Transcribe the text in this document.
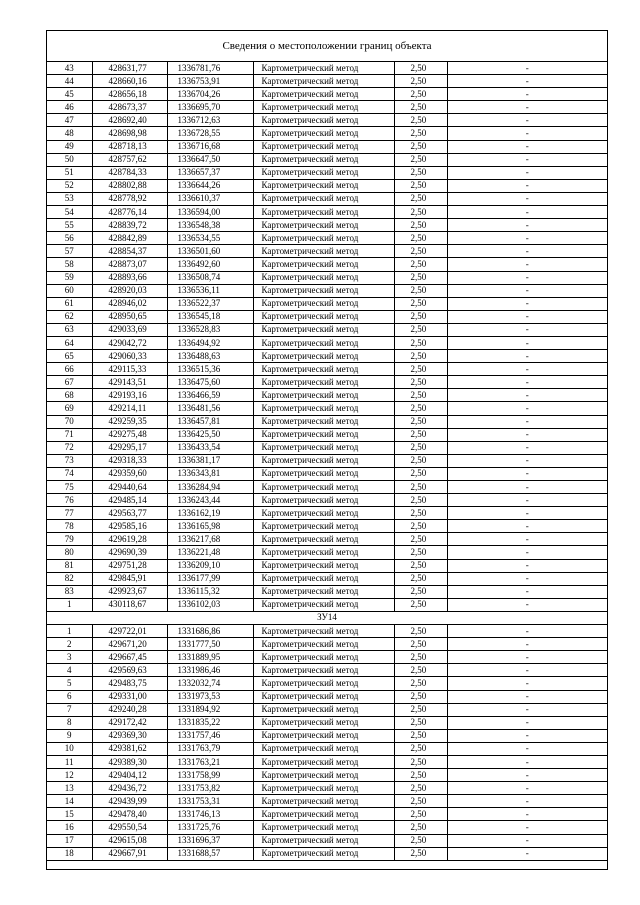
Сведения о местоположении границ объекта
43	428631,77	1336781,76	Картометрический метод	2,50	-
44	428660,16	1336753,91	Картометрический метод	2,50	-
45	428656,18	1336704,26	Картометрический метод	2,50	-
46	428673,37	1336695,70	Картометрический метод	2,50	-
47	428692,40	1336712,63	Картометрический метод	2,50	-
48	428698,98	1336728,55	Картометрический метод	2,50	-
49	428718,13	1336716,68	Картометрический метод	2,50	-
50	428757,62	1336647,50	Картометрический метод	2,50	-
51	428784,33	1336657,37	Картометрический метод	2,50	-
52	428802,88	1336644,26	Картометрический метод	2,50	-
53	428778,92	1336610,37	Картометрический метод	2,50	-
54	428776,14	1336594,00	Картометрический метод	2,50	-
55	428839,72	1336548,38	Картометрический метод	2,50	-
56	428842,89	1336534,55	Картометрический метод	2,50	-
57	428854,37	1336501,60	Картометрический метод	2,50	-
58	428873,07	1336492,60	Картометрический метод	2,50	-
59	428893,66	1336508,74	Картометрический метод	2,50	-
60	428920,03	1336536,11	Картометрический метод	2,50	-
61	428946,02	1336522,37	Картометрический метод	2,50	-
62	428950,65	1336545,18	Картометрический метод	2,50	-
63	429033,69	1336528,83	Картометрический метод	2,50	-
64	429042,72	1336494,92	Картометрический метод	2,50	-
65	429060,33	1336488,63	Картометрический метод	2,50	-
66	429115,33	1336515,36	Картометрический метод	2,50	-
67	429143,51	1336475,60	Картометрический метод	2,50	-
68	429193,16	1336466,59	Картометрический метод	2,50	-
69	429214,11	1336481,56	Картометрический метод	2,50	-
70	429259,35	1336457,81	Картометрический метод	2,50	-
71	429275,48	1336425,50	Картометрический метод	2,50	-
72	429295,17	1336433,54	Картометрический метод	2,50	-
73	429318,33	1336381,17	Картометрический метод	2,50	-
74	429359,60	1336343,81	Картометрический метод	2,50	-
75	429440,64	1336284,94	Картометрический метод	2,50	-
76	429485,14	1336243,44	Картометрический метод	2,50	-
77	429563,77	1336162,19	Картометрический метод	2,50	-
78	429585,16	1336165,98	Картометрический метод	2,50	-
79	429619,28	1336217,68	Картометрический метод	2,50	-
80	429690,39	1336221,48	Картометрический метод	2,50	-
81	429751,28	1336209,10	Картометрический метод	2,50	-
82	429845,91	1336177,99	Картометрический метод	2,50	-
83	429923,67	1336115,32	Картометрический метод	2,50	-
1	430118,67	1336102,03	Картометрический метод	2,50	-
ЗУ14					
1	429722,01	1331686,86	Картометрический метод	2,50	-
2	429671,20	1331777,50	Картометрический метод	2,50	-
3	429667,45	1331889,95	Картометрический метод	2,50	-
4	429569,63	1331986,46	Картометрический метод	2,50	-
5	429483,75	1332032,74	Картометрический метод	2,50	-
6	429331,00	1331973,53	Картометрический метод	2,50	-
7	429240,28	1331894,92	Картометрический метод	2,50	-
8	429172,42	1331835,22	Картометрический метод	2,50	-
9	429369,30	1331757,46	Картометрический метод	2,50	-
10	429381,62	1331763,79	Картометрический метод	2,50	-
11	429389,30	1331763,21	Картометрический метод	2,50	-
12	429404,12	1331758,99	Картометрический метод	2,50	-
13	429436,72	1331753,82	Картометрический метод	2,50	-
14	429439,99	1331753,31	Картометрический метод	2,50	-
15	429478,40	1331746,13	Картометрический метод	2,50	-
16	429550,54	1331725,76	Картометрический метод	2,50	-
17	429615,08	1331696,37	Картометрический метод	2,50	-
18	429667,91	1331688,57	Картометрический метод	2,50	-
